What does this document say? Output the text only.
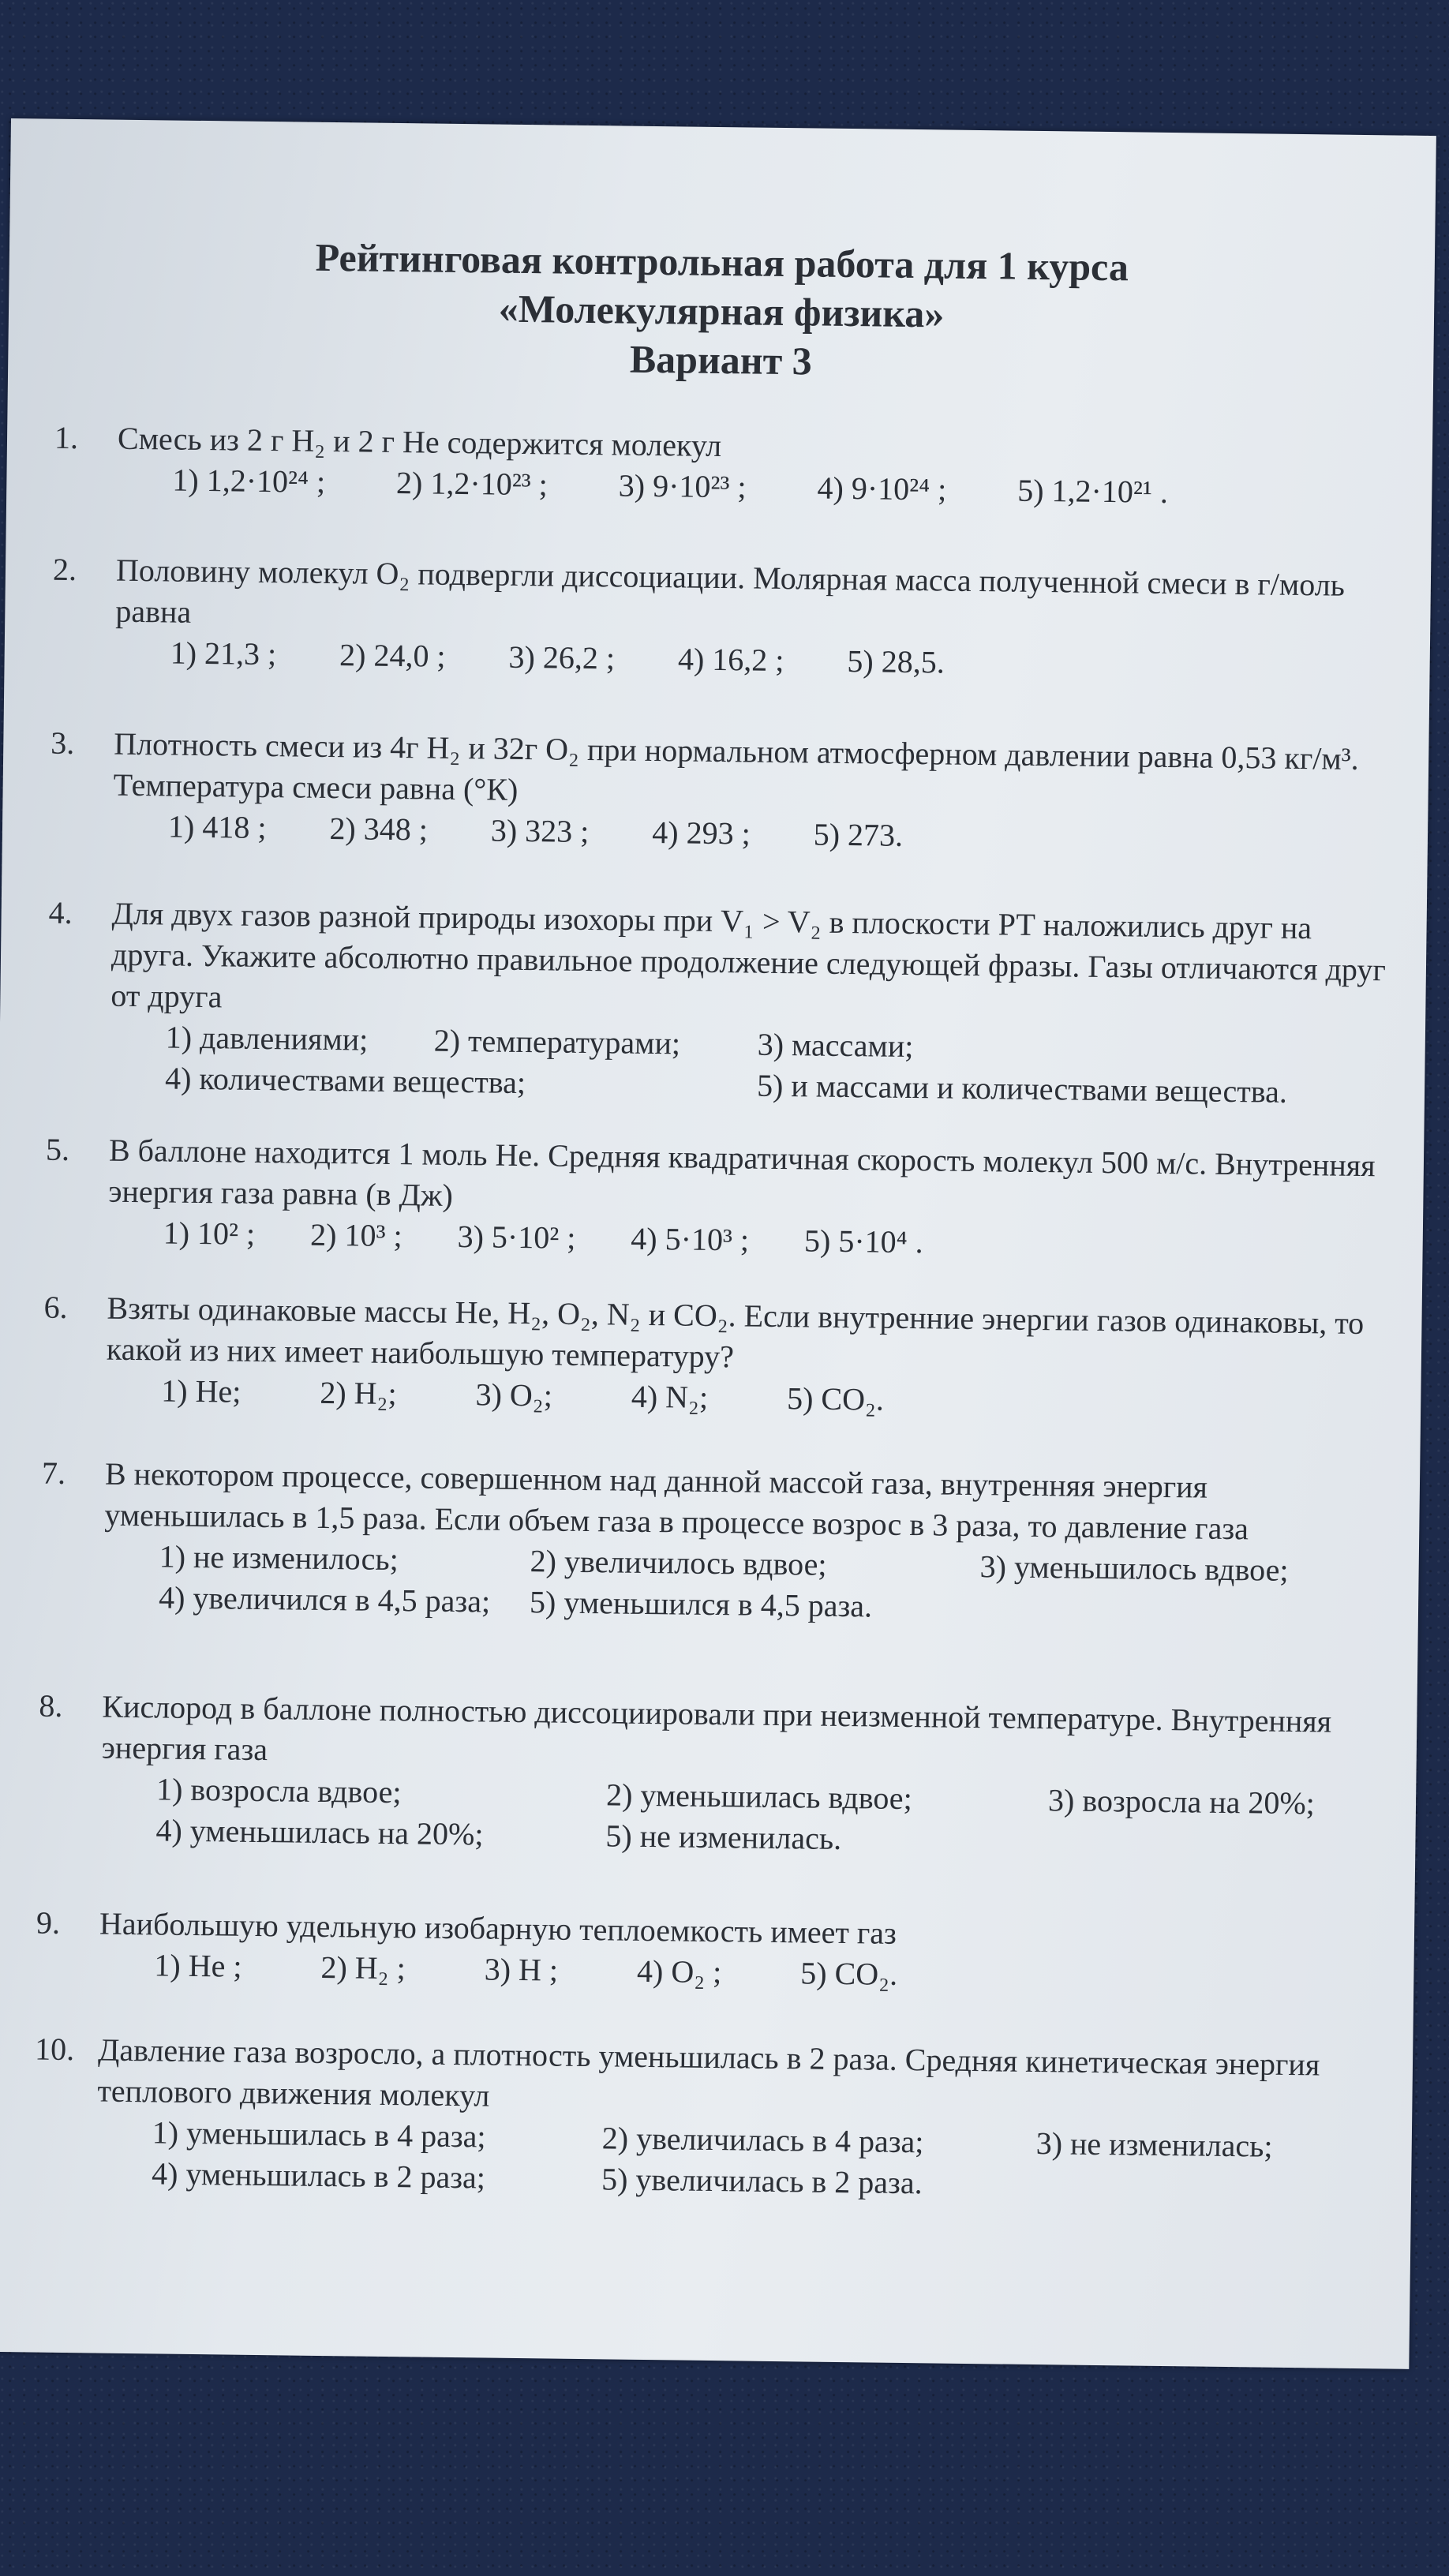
Рейтинговая контрольная работа для 1 курса
«Молекулярная физика»
Вариант 3
1.	Смесь из 2 г H₂ и 2 г He содержится молекул
1) 1,2·10²⁴ ; 2) 1,2·10²³ ; 3) 9·10²³ ; 4) 9·10²⁴ ; 5) 1,2·10²¹ .
2.	Половину молекул O₂ подвергли диссоциации. Молярная масса полученной смеси в г/моль равна
1) 21,3 ; 2) 24,0 ; 3) 26,2 ; 4) 16,2 ; 5) 28,5.
3.	Плотность смеси из 4г H₂ и 32г O₂ при нормальном атмосферном давлении равна 0,53 кг/м³. Температура смеси равна (°К)
1) 418 ; 2) 348 ; 3) 323 ; 4) 293 ; 5) 273.
4.	Для двух газов разной природы изохоры при V₁ > V₂ в плоскости РТ наложились друг на друга. Укажите абсолютно правильное продолжение следующей фразы. Газы отличаются друг от друга
1) давлениями;	2) температурами;	3) массами;
4) количествами вещества;	5) и массами и количествами вещества.
5.	В баллоне находится 1 моль He. Средняя квадратичная скорость молекул 500 м/с. Внутренняя энергия газа равна (в Дж)
1) 10² ; 2) 10³ ; 3) 5·10² ; 4) 5·10³ ; 5) 5·10⁴ .
6.	Взяты одинаковые массы He, H₂, O₂, N₂ и CO₂. Если внутренние энергии газов одинаковы, то какой из них имеет наибольшую температуру?
1) He; 2) H₂; 3) O₂; 4) N₂; 5) CO₂.
7.	В некотором процессе, совершенном над данной массой газа, внутренняя энергия уменьшилась в 1,5 раза. Если объем газа в процессе возрос в 3 раза, то давление газа
1) не изменилось;	2) увеличилось вдвое;	3) уменьшилось вдвое;
4) увеличился в 4,5 раза;	5) уменьшился в 4,5 раза.
8.	Кислород в баллоне полностью диссоциировали при неизменной температуре. Внутренняя энергия газа
1) возросла вдвое;	2) уменьшилась вдвое;	3) возросла на 20%;
4) уменьшилась на 20%;	5) не изменилась.
9.	Наибольшую удельную изобарную теплоемкость имеет газ
1) He ; 2) H₂ ; 3) H ; 4) O₂ ; 5) CO₂.
10. Давление газа возросло, а плотность уменьшилась в 2 раза. Средняя кинетическая энергия теплового движения молекул
1) уменьшилась в 4 раза;	2) увеличилась в 4 раза;	3) не изменилась;
4) уменьшилась в 2 раза;	5) увеличилась в 2 раза.
